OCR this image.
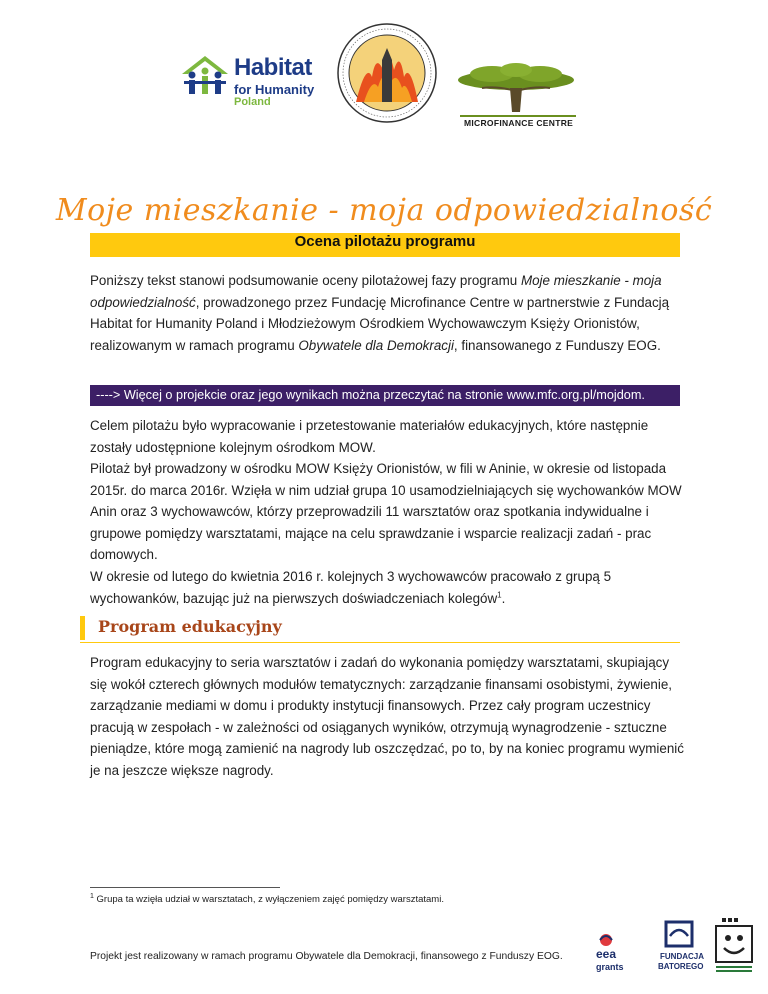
Habitat
for Humanity
Poland
MICROFINANCE CENTRE
Moje mieszkanie - moja odpowiedzialność
Ocena pilotażu programu
Poniższy tekst stanowi podsumowanie oceny pilotażowej fazy programu Moje mieszkanie - moja odpowiedzialność, prowadzonego przez Fundację Microfinance Centre w partnerstwie z Fundacją Habitat for Humanity Poland i Młodzieżowym Ośrodkiem Wychowawczym Księży Orionistów, realizowanym w ramach programu Obywatele dla Demokracji, finansowanego z Funduszy EOG.
----> Więcej o projekcie oraz jego wynikach można przeczytać na stronie www.mfc.org.pl/mojdom.
Celem pilotażu było wypracowanie i przetestowanie materiałów edukacyjnych, które następnie zostały udostępnione kolejnym ośrodkom MOW.
Pilotaż był prowadzony w ośrodku MOW Księży Orionistów, w fili w Aninie, w okresie od listopada 2015r. do marca 2016r. Wzięła w nim udział grupa 10 usamodzielniających się wychowanków MOW Anin oraz 3 wychowawców, którzy przeprowadzili 11 warsztatów oraz spotkania indywidualne i grupowe pomiędzy warsztatami, mające na celu sprawdzanie i wsparcie realizacji zadań - prac domowych.
W okresie od lutego do kwietnia 2016 r. kolejnych 3 wychowawców pracowało z grupą 5 wychowanków, bazując już na pierwszych doświadczeniach kolegów$^1$.
Program edukacyjny
Program edukacyjny to seria warsztatów i zadań do wykonania pomiędzy warsztatami, skupiający się wokół czterech głównych modułów tematycznych: zarządzanie finansami osobistymi, żywienie, zarządzanie mediami w domu i produkty instytucji finansowych. Przez cały program uczestnicy pracują w zespołach - w zależności od osiąganych wyników, otrzymują wynagrodzenie - sztuczne pieniądze, które mogą zamienić na nagrody lub oszczędzać, po to, by na koniec programu wymienić je na jeszcze większe nagrody.
$^1$ Grupa ta wzięła udział w warsztatach, z wyłączeniem zajęć pomiędzy warsztatami.
Projekt jest realizowany w ramach programu Obywatele dla Demokracji, finansowego z Funduszy EOG.	eea
grants
FUNDACJA
BATOREGO
